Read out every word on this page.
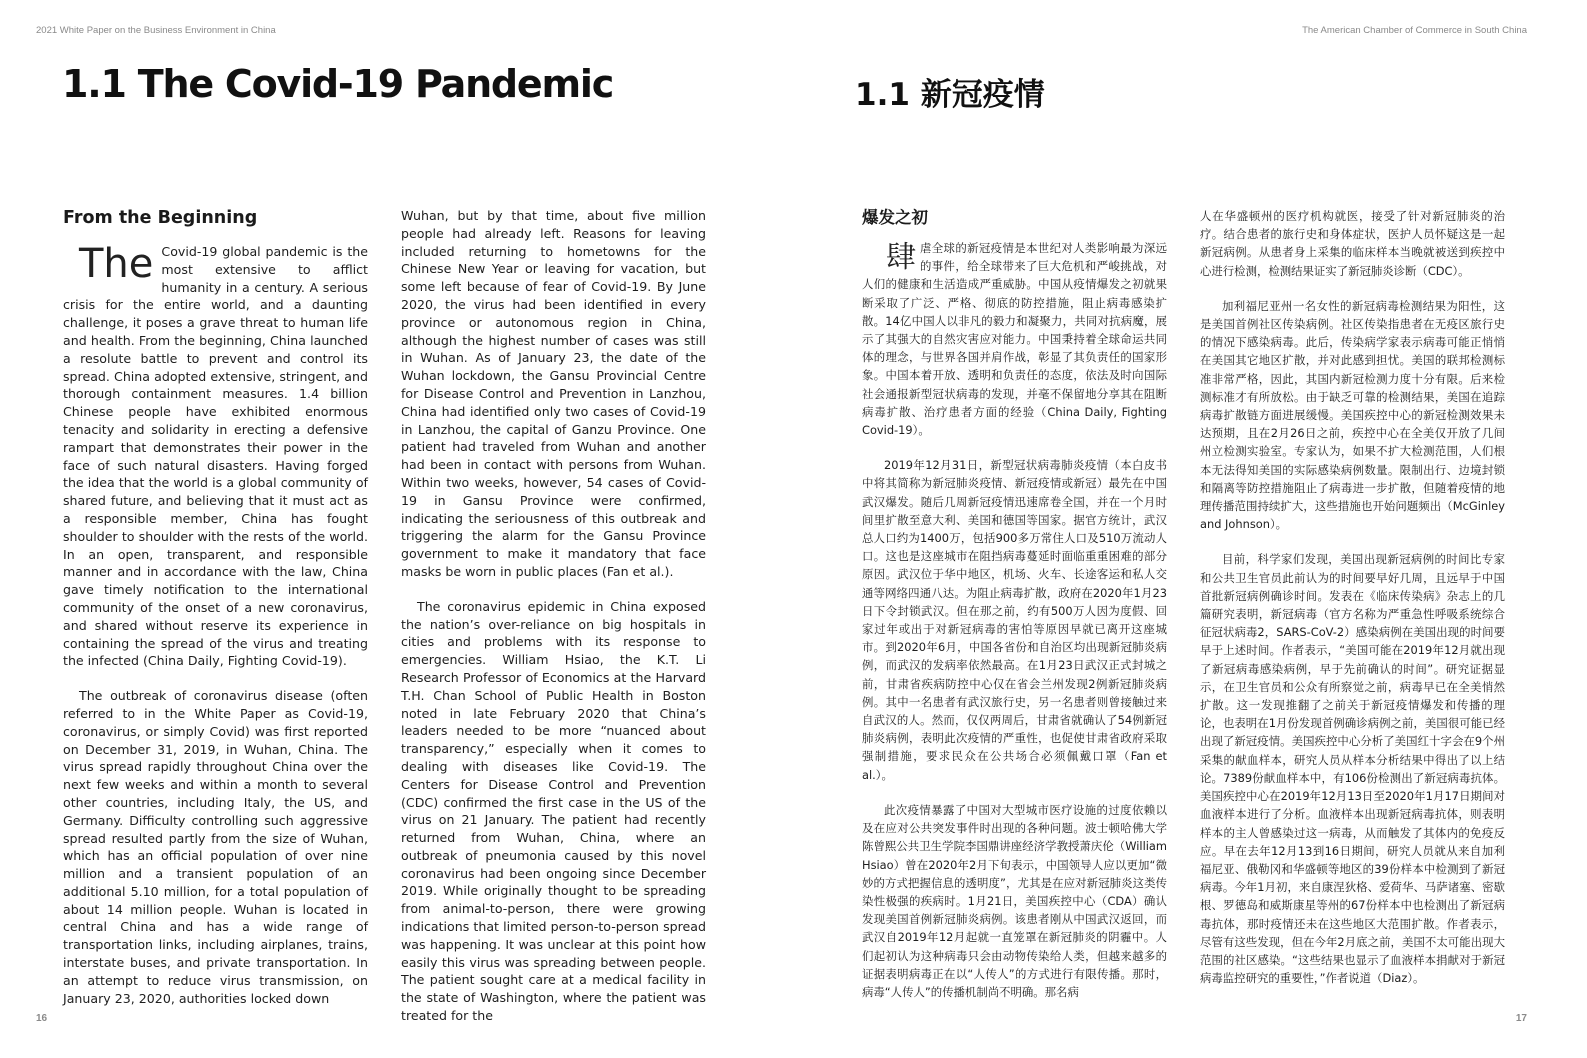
2021 White Paper on the Business Environment in China	The American Chamber of Commerce in South China
1.1 The Covid-19 Pandemic	1.1 新冠疫情
From the Beginning

The Covid-19 global pandemic is the most extensive to afflict humanity in a century. A serious crisis for the entire world, and a daunting challenge, it poses a grave threat to human life and health. From the beginning, China launched a resolute battle to prevent and control its spread. China adopted extensive, stringent, and thorough containment measures. 1.4 billion Chinese people have exhibited enormous tenacity and solidarity in erecting a defensive rampart that demonstrates their power in the face of such natural disasters. Having forged the idea that the world is a global community of shared future, and believing that it must act as a responsible member, China has fought shoulder to shoulder with the rests of the world. In an open, transparent, and responsible manner and in accordance with the law, China gave timely notification to the international community of the onset of a new coronavirus, and shared without reserve its experience in containing the spread of the virus and treating the infected (China Daily, Fighting Covid-19).

The outbreak of coronavirus disease (often referred to in the White Paper as Covid-19, coronavirus, or simply Covid) was first reported on December 31, 2019, in Wuhan, China. The virus spread rapidly throughout China over the next few weeks and within a month to several other countries, including Italy, the US, and Germany. Difficulty controlling such aggressive spread resulted partly from the size of Wuhan, which has an official population of over nine million and a transient population of an additional 5.10 million, for a total population of about 14 million people. Wuhan is located in central China and has a wide range of transportation links, including airplanes, trains, interstate buses, and private transportation. In an attempt to reduce virus transmission, on January 23, 2020, authorities locked down

Wuhan, but by that time, about five million people had already left. Reasons for leaving included returning to hometowns for the Chinese New Year or leaving for vacation, but some left because of fear of Covid-19. By June 2020, the virus had been identified in every province or autonomous region in China, although the highest number of cases was still in Wuhan. As of January 23, the date of the Wuhan lockdown, the Gansu Provincial Centre for Disease Control and Prevention in Lanzhou, China had identified only two cases of Covid-19 in Lanzhou, the capital of Ganzu Province. One patient had traveled from Wuhan and another had been in contact with persons from Wuhan. Within two weeks, however, 54 cases of Covid-19 in Gansu Province were confirmed, indicating the seriousness of this outbreak and triggering the alarm for the Gansu Province government to make it mandatory that face masks be worn in public places (Fan et al.).

The coronavirus epidemic in China exposed the nation’s over-reliance on big hospitals in cities and problems with its response to emergencies. William Hsiao, the K.T. Li Research Professor of Economics at the Harvard T.H. Chan School of Public Health in Boston noted in late February 2020 that China’s leaders needed to be more “nuanced about transparency,” especially when it comes to dealing with diseases like Covid-19. The Centers for Disease Control and Prevention (CDC) confirmed the first case in the US of the virus on 21 January. The patient had recently returned from Wuhan, China, where an outbreak of pneumonia caused by this novel coronavirus had been ongoing since December 2019. While originally thought to be spreading from animal-to-person, there were growing indications that limited person-to-person spread was happening. It was unclear at this point how easily this virus was spreading between people. The patient sought care at a medical facility in the state of Washington, where the patient was treated for the

爆发之初

肆虐全球的新冠疫情是本世纪对人类影响最为深远的事件，给全球带来了巨大危机和严峻挑战，对人们的健康和生活造成严重威胁。中国从疫情爆发之初就果断采取了广泛、严格、彻底的防控措施，阻止病毒感染扩散。14亿中国人以非凡的毅力和凝聚力，共同对抗病魔，展示了其强大的自然灾害应对能力。中国秉持着全球命运共同体的理念，与世界各国并肩作战，彰显了其负责任的国家形象。中国本着开放、透明和负责任的态度，依法及时向国际社会通报新型冠状病毒的发现，并毫不保留地分享其在阻断病毒扩散、治疗患者方面的经验（China Daily, Fighting Covid-19）。

2019年12月31日，新型冠状病毒肺炎疫情（本白皮书中将其简称为新冠肺炎疫情、新冠疫情或新冠）最先在中国武汉爆发。随后几周新冠疫情迅速席卷全国，并在一个月时间里扩散至意大利、美国和德国等国家。据官方统计，武汉总人口约为1400万，包括900多万常住人口及510万流动人口。这也是这座城市在阻挡病毒蔓延时面临重重困难的部分原因。武汉位于华中地区，机场、火车、长途客运和私人交通等网络四通八达。为阻止病毒扩散，政府在2020年1月23日下令封锁武汉。但在那之前，约有500万人因为度假、回家过年或出于对新冠病毒的害怕等原因早就已离开这座城市。到2020年6月，中国各省份和自治区均出现新冠肺炎病例，而武汉的发病率依然最高。在1月23日武汉正式封城之前，甘肃省疾病防控中心仅在省会兰州发现2例新冠肺炎病例。其中一名患者有武汉旅行史，另一名患者则曾接触过来自武汉的人。然而，仅仅两周后，甘肃省就确认了54例新冠肺炎病例，表明此次疫情的严重性，也促使甘肃省政府采取强制措施，要求民众在公共场合必须佩戴口罩（Fan et al.）。

此次疫情暴露了中国对大型城市医疗设施的过度依赖以及在应对公共突发事件时出现的各种问题。波士顿哈佛大学陈曾熙公共卫生学院李国鼎讲座经济学教授萧庆伦（William Hsiao）曾在2020年2月下旬表示，中国领导人应以更加“微妙的方式把握信息的透明度”，尤其是在应对新冠肺炎这类传染性极强的疾病时。1月21日，美国疾控中心（CDA）确认发现美国首例新冠肺炎病例。该患者刚从中国武汉返回，而武汉自2019年12月起就一直笼罩在新冠肺炎的阴霾中。人们起初认为这种病毒只会由动物传染给人类，但越来越多的证据表明病毒正在以“人传人”的方式进行有限传播。那时，病毒“人传人”的传播机制尚不明确。那名病

人在华盛顿州的医疗机构就医，接受了针对新冠肺炎的治疗。结合患者的旅行史和身体症状，医护人员怀疑这是一起新冠病例。从患者身上采集的临床样本当晚就被送到疾控中心进行检测，检测结果证实了新冠肺炎诊断（CDC）。

加利福尼亚州一名女性的新冠病毒检测结果为阳性，这是美国首例社区传染病例。社区传染指患者在无疫区旅行史的情况下感染病毒。此后，传染病学家表示病毒可能正悄悄在美国其它地区扩散，并对此感到担忧。美国的联邦检测标准非常严格，因此，其国内新冠检测力度十分有限。后来检测标准才有所放松。由于缺乏可靠的检测结果，美国在追踪病毒扩散链方面进展缓慢。美国疾控中心的新冠检测效果未达预期，且在2月26日之前，疾控中心在全美仅开放了几间州立检测实验室。专家认为，如果不扩大检测范围，人们根本无法得知美国的实际感染病例数量。限制出行、边境封锁和隔离等防控措施阻止了病毒进一步扩散，但随着疫情的地理传播范围持续扩大，这些措施也开始问题频出（McGinley and Johnson）。

目前，科学家们发现，美国出现新冠病例的时间比专家和公共卫生官员此前认为的时间要早好几周，且远早于中国首批新冠病例确诊时间。发表在《临床传染病》杂志上的几篇研究表明，新冠病毒（官方名称为严重急性呼吸系统综合征冠状病毒2，SARS-CoV-2）感染病例在美国出现的时间要早于上述时间。作者表示，“美国可能在2019年12月就出现了新冠病毒感染病例，早于先前确认的时间”。研究证据显示，在卫生官员和公众有所察觉之前，病毒早已在全美悄然扩散。这一发现推翻了之前关于新冠疫情爆发和传播的理论，也表明在1月份发现首例确诊病例之前，美国很可能已经出现了新冠疫情。美国疾控中心分析了美国红十字会在9个州采集的献血样本，研究人员从样本分析结果中得出了以上结论。7389份献血样本中，有106份检测出了新冠病毒抗体。美国疾控中心在2019年12月13日至2020年1月17日期间对血液样本进行了分析。血液样本出现新冠病毒抗体，则表明样本的主人曾感染过这一病毒，从而触发了其体内的免疫反应。早在去年12月13到16日期间，研究人员就从来自加利福尼亚、俄勒冈和华盛顿等地区的39份样本中检测到了新冠病毒。今年1月初，来自康涅狄格、爱荷华、马萨诸塞、密歇根、罗德岛和威斯康星等州的67份样本中也检测出了新冠病毒抗体，那时疫情还未在这些地区大范围扩散。作者表示，尽管有这些发现，但在今年2月底之前，美国不太可能出现大范围的社区感染。“这些结果也显示了血液样本捐献对于新冠病毒监控研究的重要性，”作者说道（Diaz）。

16	17
